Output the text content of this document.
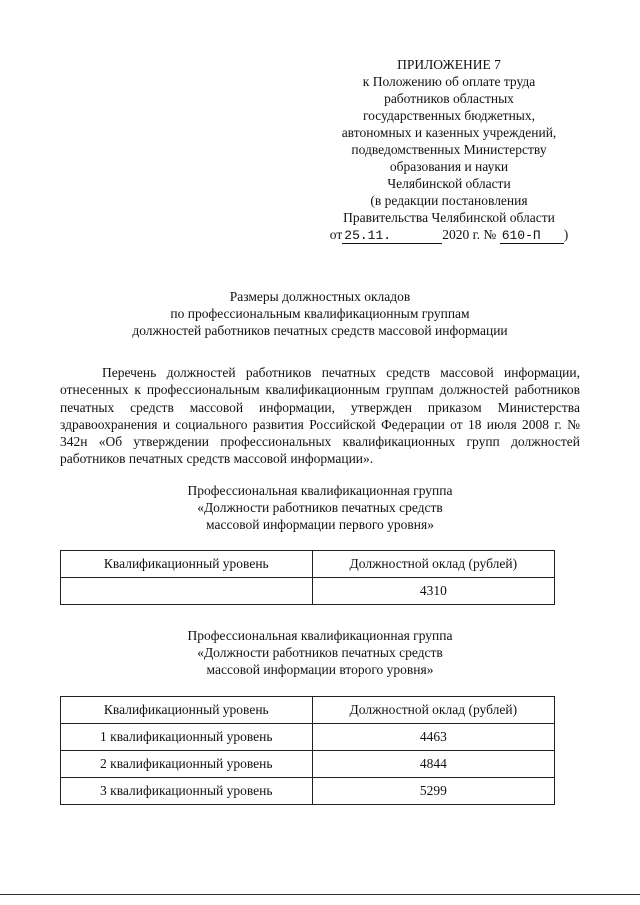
ПРИЛОЖЕНИЕ 7
к Положению об оплате труда
работников областных
государственных бюджетных,
автономных и казенных учреждений,
подведомственных Министерству
образования и науки
Челябинской области
(в редакции постановления
Правительства Челябинской области
от 25.11.	2020 г. № 610-П )
Размеры должностных окладов
по профессиональным квалификационным группам
должностей работников печатных средств массовой информации

Перечень должностей работников печатных средств массовой информации, отнесенных к профессиональным квалификационным группам должностей работников печатных средств массовой информации, утвержден приказом Министерства здравоохранения и социального развития Российской Федерации от 18 июля 2008 г. № 342н «Об утверждении профессиональных квалификационных групп должностей работников печатных средств массовой информации».

Профессиональная квалификационная группа
«Должности работников печатных средств
массовой информации первого уровня»
Квалификационный уровень	Должностной оклад (рублей)
	4310
Профессиональная квалификационная группа
«Должности работников печатных средств
массовой информации второго уровня»
Квалификационный уровень	Должностной оклад (рублей)
1 квалификационный уровень	4463
2 квалификационный уровень	4844
3 квалификационный уровень	5299
